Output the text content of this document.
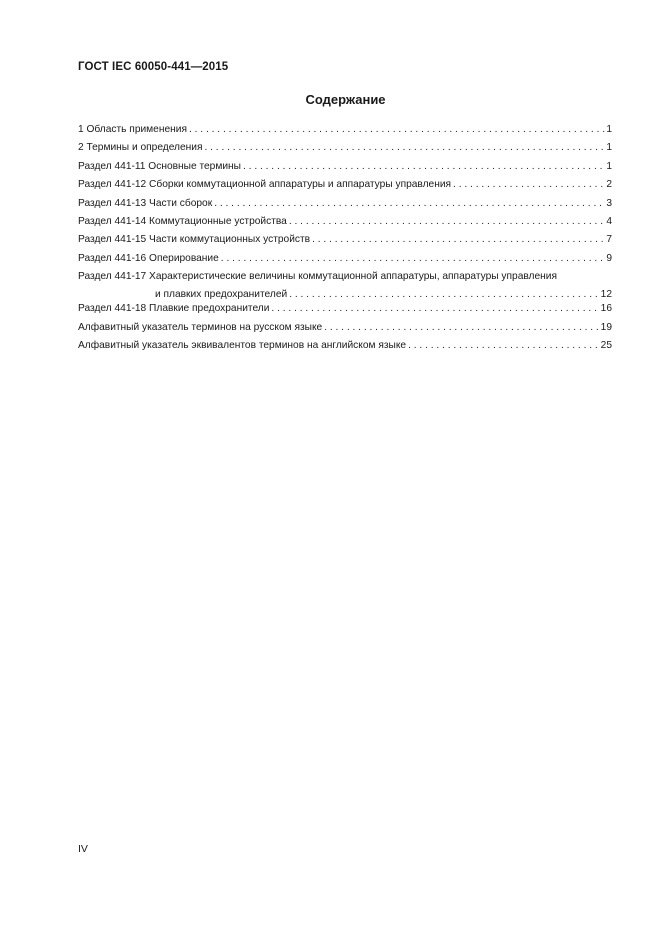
ГОСТ IEC 60050-441—2015
Содержание
1 Область применения . . .	1
2 Термины и определения . . .	1
Раздел 441-11 Основные термины . . .	1
Раздел 441-12 Сборки коммутационной аппаратуры и аппаратуры управления . . .	2
Раздел 441-13 Части сборок . . .	3
Раздел 441-14 Коммутационные устройства . . .	4
Раздел 441-15 Части коммутационных устройств . . .	7
Раздел 441-16 Оперирование . . .	9
Раздел 441-17 Характеристические величины коммутационной аппаратуры, аппаратуры управления
и плавких предохранителей . . .	12
Раздел 441-18 Плавкие предохранители . . .	16
Алфавитный указатель терминов на русском языке . . .	19
Алфавитный указатель эквивалентов терминов на английском языке . . .	25
IV
